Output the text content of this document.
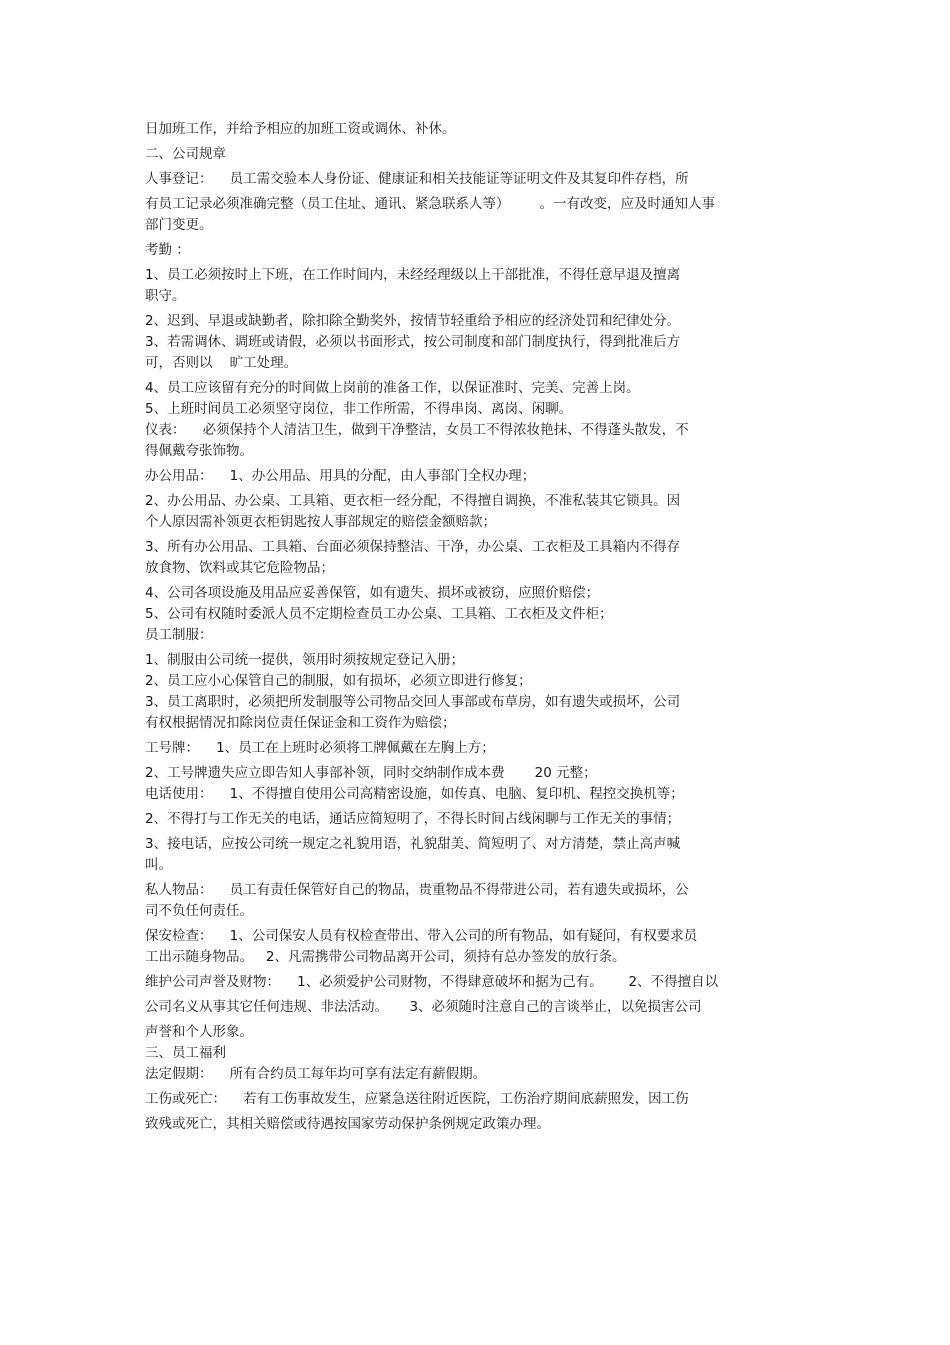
日加班工作，并给予相应的加班工资或调休、补休。

二、公司规章

人事登记：    员工需交验本人身份证、健康证和相关技能证等证明文件及其复印件存档，所

有员工记录必须准确完整（员工住址、通讯、紧急联系人等）       。一有改变，应及时通知人事

部门变更。

考勤 ：

1、员工必须按时上下班，在工作时间内，未经经理级以上干部批准，不得任意早退及擅离

职守。

2、迟到、早退或缺勤者，除扣除全勤奖外，按情节轻重给予相应的经济处罚和纪律处分。

3、若需调休、调班或请假，必须以书面形式，按公司制度和部门制度执行，得到批准后方

可，否则以    旷工处理。

4、员工应该留有充分的时间做上岗前的准备工作，以保证准时、完美、完善上岗。

5、上班时间员工必须坚守岗位，非工作所需，不得串岗、离岗、闲聊。

仪表：    必须保持个人清洁卫生，做到干净整洁，女员工不得浓妆艳抹、不得蓬头散发，不

得佩戴夸张饰物。

办公用品：    1、办公用品、用具的分配，由人事部门全权办理；

2、办公用品、办公桌、工具箱、更衣柜一经分配，不得擅自调换，不准私装其它锁具。因

个人原因需补领更衣柜钥匙按人事部规定的赔偿金额赔款；

3、所有办公用品、工具箱、台面必须保持整洁、干净，办公桌、工衣柜及工具箱内不得存

放食物、饮料或其它危险物品；

4、公司各项设施及用品应妥善保管，如有遗失、损坏或被窃，应照价赔偿；

5、公司有权随时委派人员不定期检查员工办公桌、工具箱、工衣柜及文件柜；

员工制服：

1、制服由公司统一提供，领用时须按规定登记入册；

2、员工应小心保管自己的制服，如有损坏，必须立即进行修复；

3、员工离职时，必须把所发制服等公司物品交回人事部或布草房，如有遗失或损坏，公司

有权根据情况扣除岗位责任保证金和工资作为赔偿；

工号牌：    1、员工在上班时必须将工牌佩戴在左胸上方；

2、工号牌遗失应立即告知人事部补领，同时交纳制作成本费       20 元整；

电话使用：    1、不得擅自使用公司高精密设施，如传真、电脑、复印机、程控交换机等；

2、不得打与工作无关的电话，通话应简短明了，不得长时间占线闲聊与工作无关的事情；

3、接电话，应按公司统一规定之礼貌用语，礼貌甜美、简短明了、对方清楚，禁止高声喊

叫。

私人物品：    员工有责任保管好自己的物品，贵重物品不得带进公司，若有遗失或损坏，公

司不负任何责任。

保安检查：    1、公司保安人员有权检查带出、带入公司的所有物品，如有疑问，有权要求员

工出示随身物品。   2、凡需携带公司物品离开公司，须持有总办签发的放行条。

维护公司声誉及财物：    1、必须爱护公司财物，不得肆意破坏和据为己有。      2、不得擅自以

公司名义从事其它任何违规、非法活动。     3、必须随时注意自己的言谈举止，以免损害公司

声誉和个人形象。

三、员工福利

法定假期：    所有合约员工每年均可享有法定有薪假期。

工伤或死亡：    若有工伤事故发生，应紧急送往附近医院，工伤治疗期间底薪照发，因工伤

致残或死亡，其相关赔偿或待遇按国家劳动保护条例规定政策办理。
